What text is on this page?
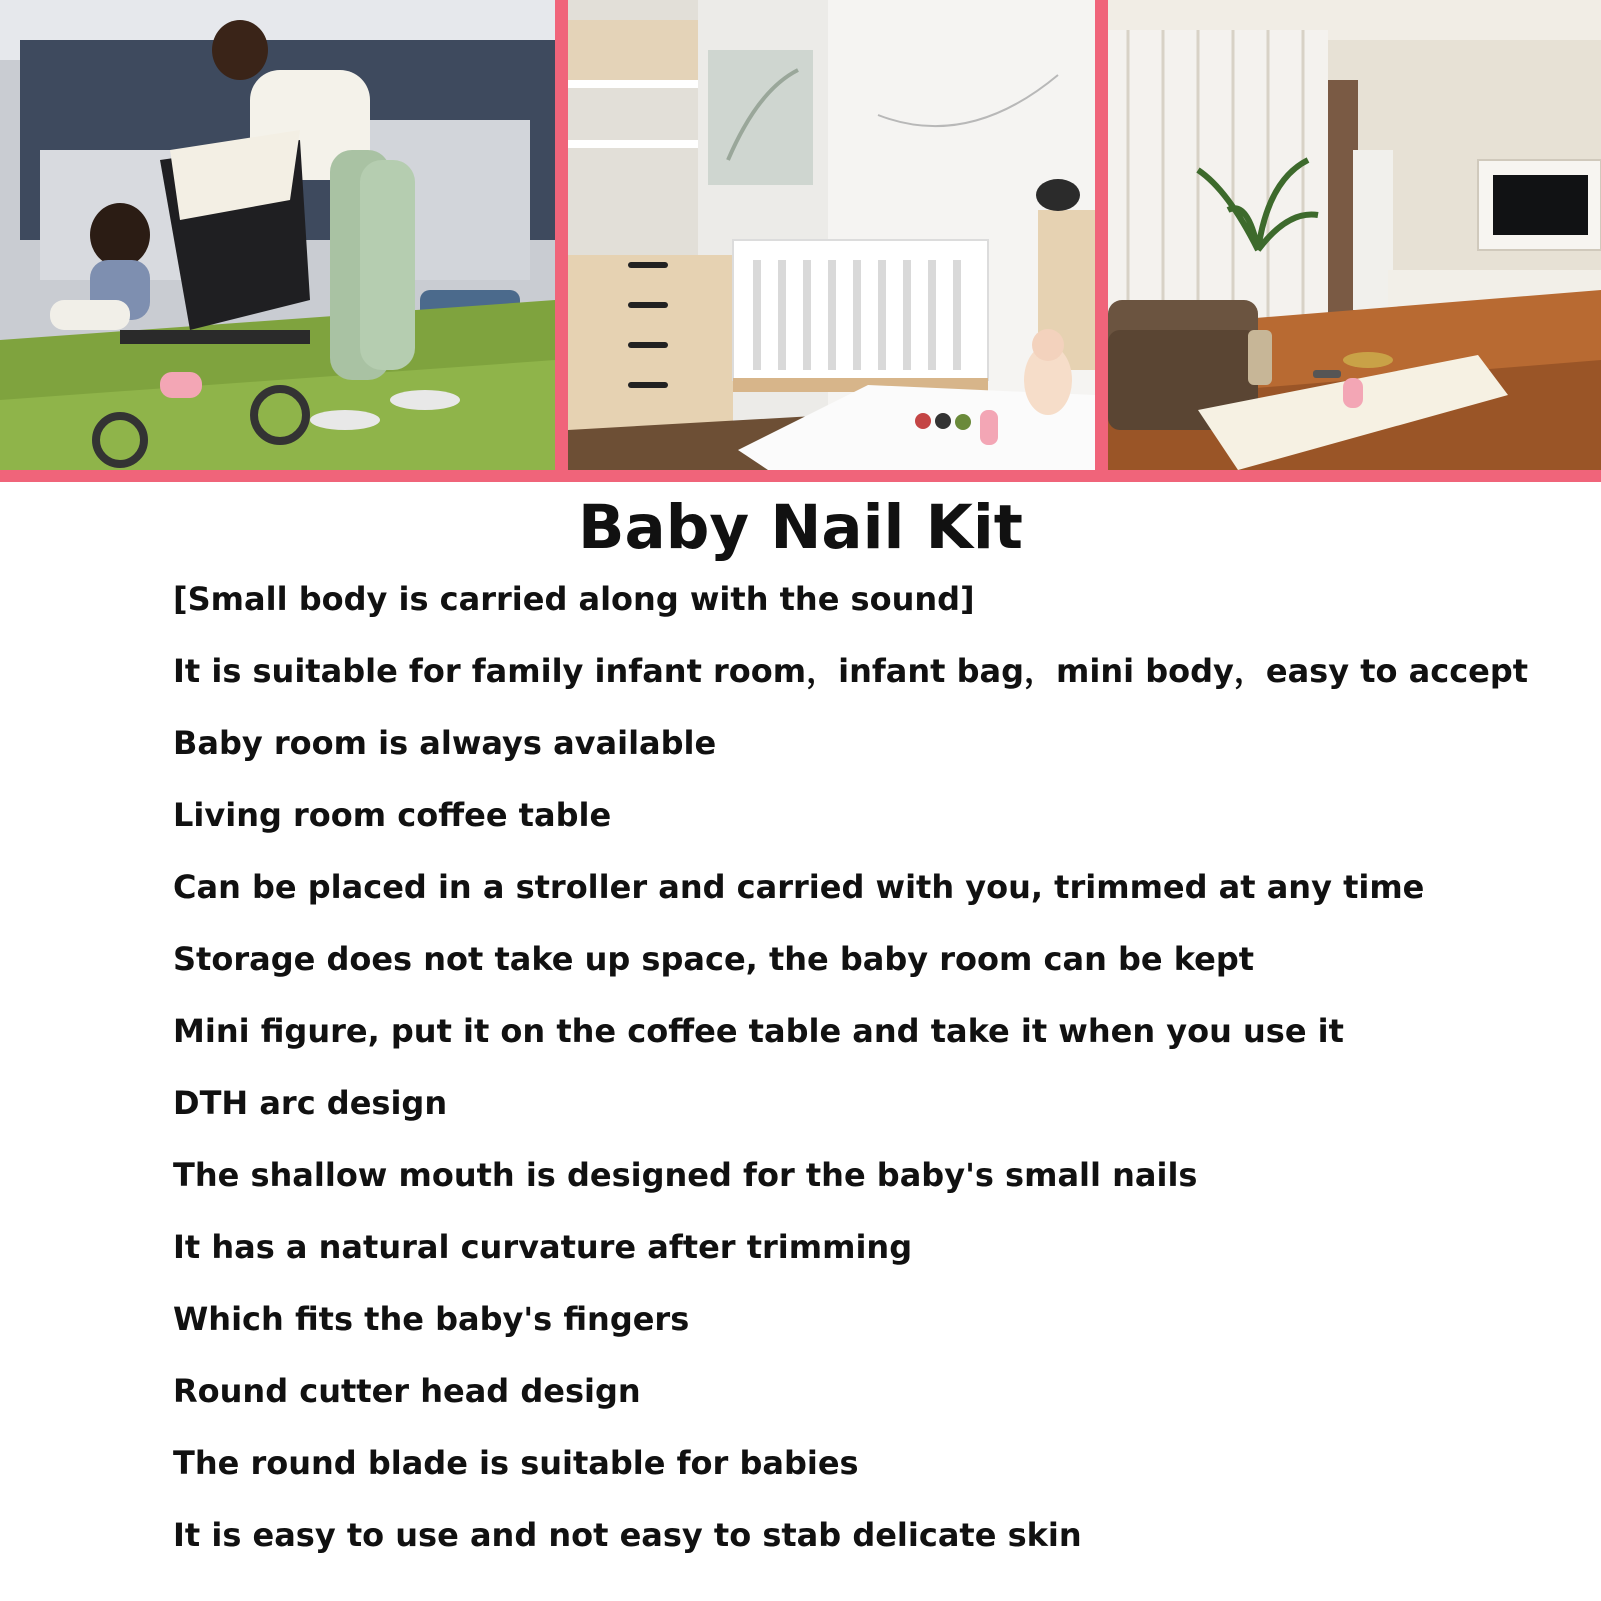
Baby Nail Kit
[Small body is carried along with the sound]
It is suitable for family infant room，infant bag，mini body，easy to accept
Baby room is always available
Living room coffee table
Can be placed in a stroller and carried with you, trimmed at any time
Storage does not take up space, the baby room can be kept
Mini figure, put it on the coffee table and take it when you use it
DTH arc design
The shallow mouth is designed for the baby's small nails
It has a natural curvature after trimming
Which fits the baby's fingers
Round cutter head design
The round blade is suitable for babies
It is easy to use and not easy to stab delicate skin
